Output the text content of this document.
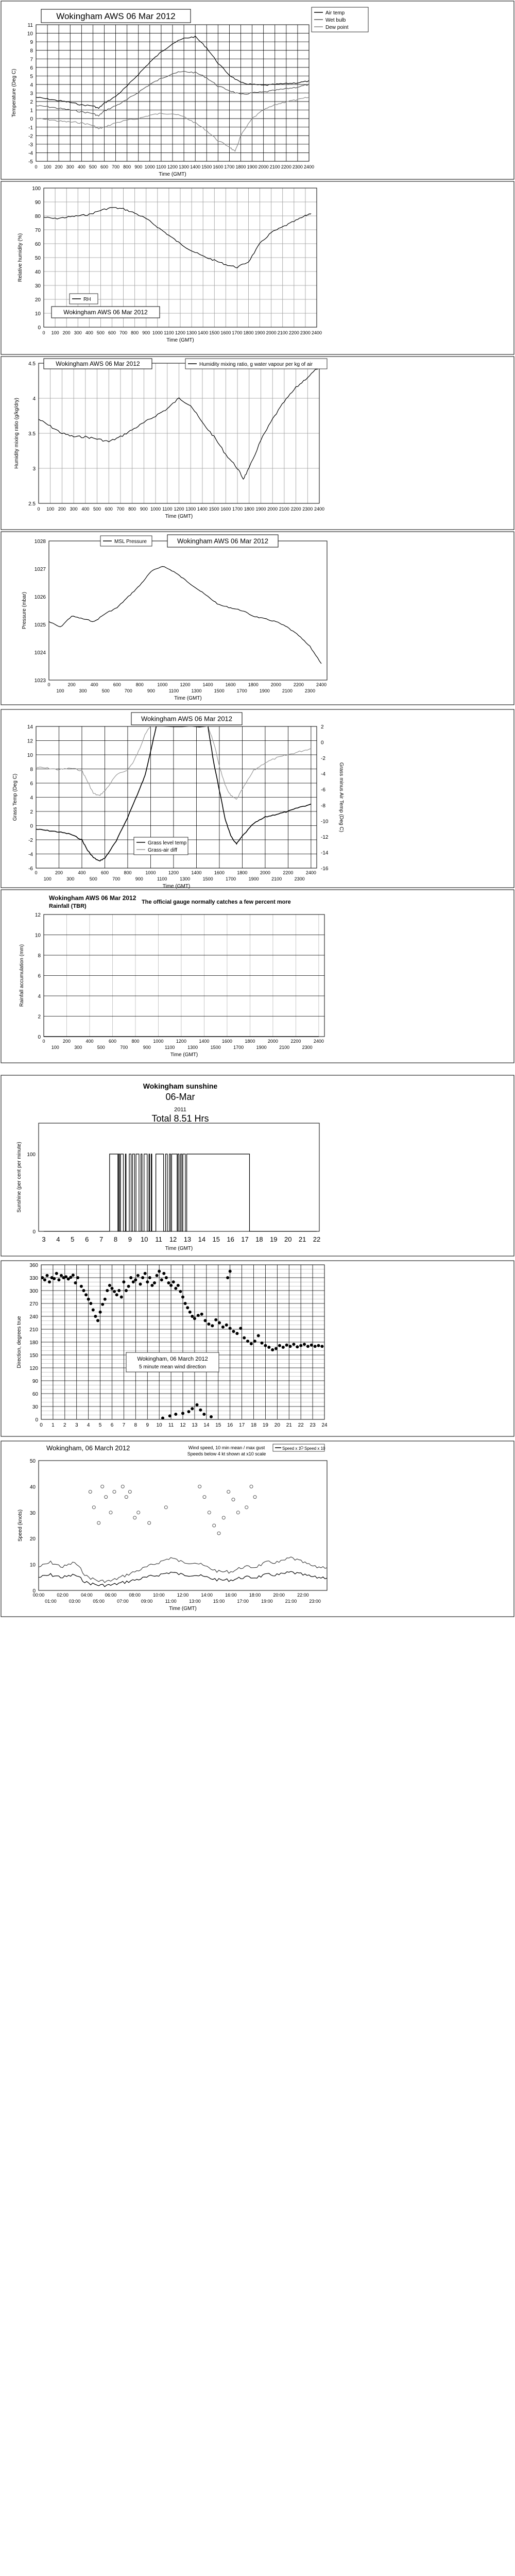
-5
-4
-3
-2
-1
0
1
2
3
4
5
6
7
8
9
10
11
0 100 200 300 400 500 600 700 800 900 1000 1100 1200 1300 1400 1500 1600 1700 1800 1900 2000 2100 2200 2300 2400
Temperature (Deg C)
Time (GMT)
Wokingham AWS 06 Mar 2012	Air temp
Wet bulb
Dew point
0
10
20
30
40
50
60
70
80
90
100
0 100 200 300 400 500 600 700 800 900 1000 1100 1200 1300 1400 1500 1600 1700 1800 1900 2000 2100 2200 2300 2400
Relative humidity (%)
Time (GMT)
RH
Wokingham AWS 06 Mar 2012
2.5
3
3.5
4
4.5
0 100 200 300 400 500 600 700 800 900 1000 1100 1200 1300 1400 1500 1600 1700 1800 1900 2000 2100 2200 2300 2400
Humidity mixing ratio (g/kg/dry)
Time (GMT)
Wokingham AWS 06 Mar 2012	Humidity mixing ratio, g water vapour per kg of air
1023
1024
1025
1026
1027
1028
0	200	400	600	800	1000	1200	1400	1600	1800	2000	2200	2400
100	300	500	700	900	1100	1300	1500	1700	1900	2100	2300
Pressure (mbar)
Time (GMT)
MSL Pressure	Wokingham AWS 06 Mar 2012
-6
-4
-2
0
2
4
6
8
10
12
14
-16
-14
-12
-10
-8
-6
-4
-2
0
2
0	200	400	600	800	1000	1200	1400	1600	1800	2000	2200	2400
100	300	500	700	900	1100	1300	1500	1700	1900	2100	2300
Grass Temp (Deg C)	Grass minus Air Temp (Deg C)
Time (GMT)
Wokingham AWS 06 Mar 2012
Grass level temp
Grass-air diff
0
2
4
6
8
10
12
0	200	400	600	800	1000	1200	1400	1600	1800	2000	2200	2400
100	300	500	700	900	1100	1300	1500	1700	1900	2100	2300
Rainfall accumulation (mm)
Time (GMT)
Wokingham AWS 06 Mar 2012
Rainfall (TBR)
The official gauge normally catches a few percent more
0
100
3 4 5 6 7 8 9 10 11 12 13 14 15 16 17 18 19 20 21 22
Sunshine (per cent per minute)
Time (GMT)
Wokingham sunshine
06-Mar
2011
Total 8.51 Hrs
0
30
60
90
120
150
180
210
240
270
300
330
360
0 1 2 3 4 5 6 7 8 9 10 11 12 13 14 15 16 17 18 19 20 21 22 23 24
Direction, degrees true	Wokingham, 06 March 2012
5 minute mean wind direction
0
10
20
30
40
50
00:00	02:00	04:00	06:00	08:00	10:00	12:00	14:00	16:00	18:00	20:00	22:00
01:00	03:00	05:00	07:00	09:00	11:00	13:00	15:00	17:00	19:00	21:00	23:00
Speed (knots)
Time (GMT)
Wokingham, 06 March 2012	Wind speed, 10 min mean / max gust
Speeds below 4 kt shown at x10 scale
Speed x 1 Speed x 10
